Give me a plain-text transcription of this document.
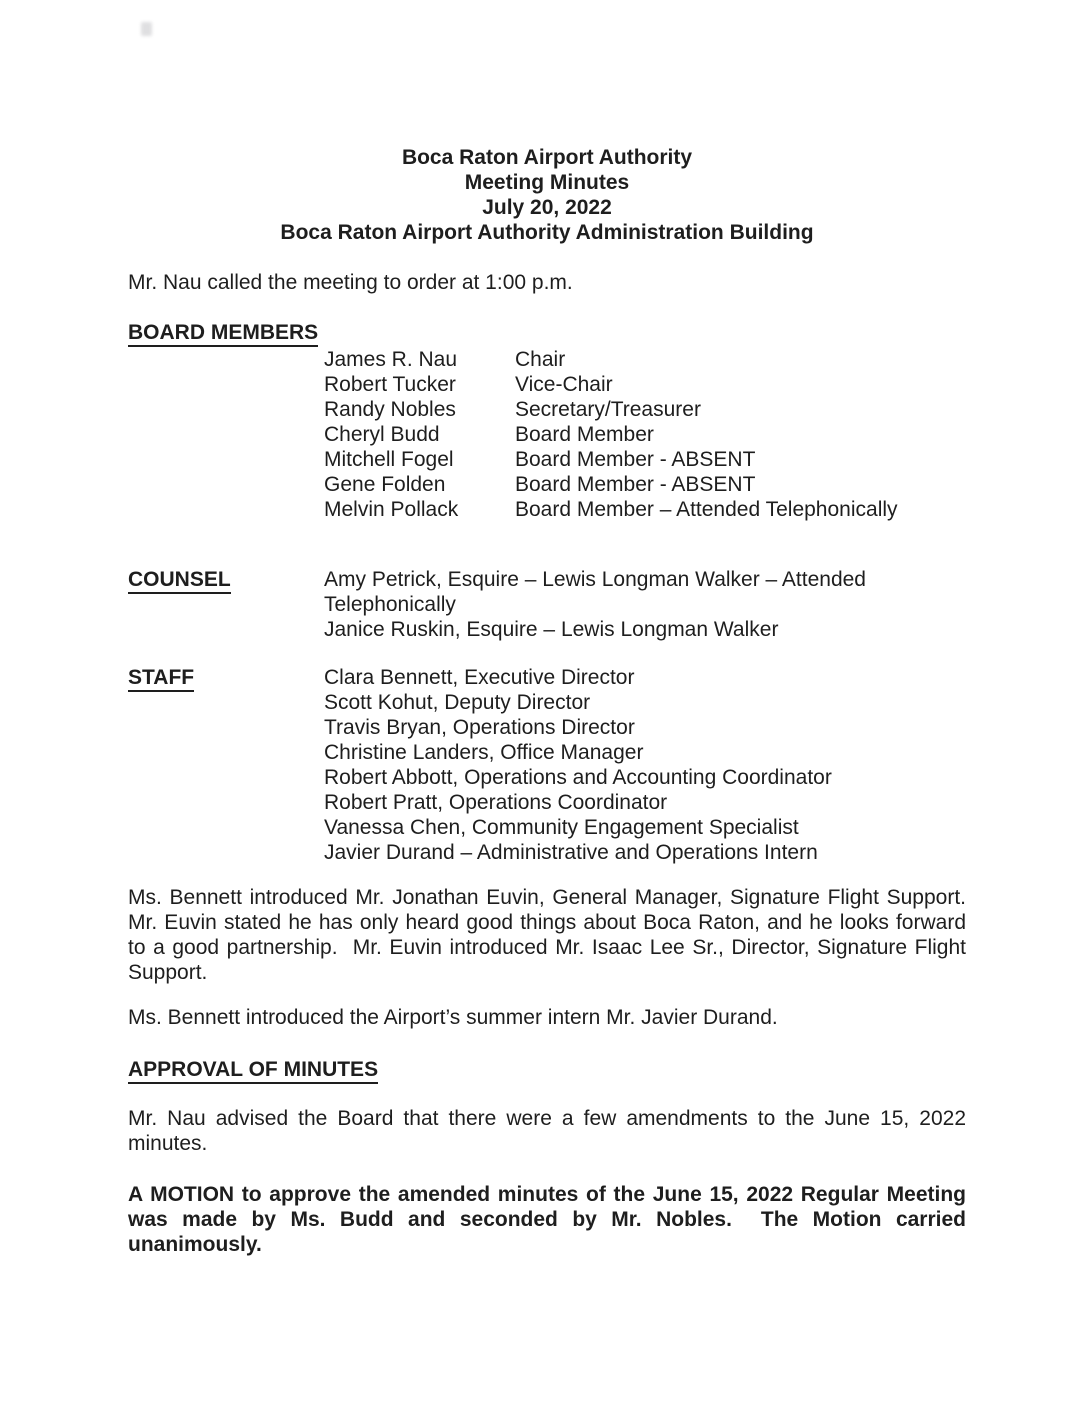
Boca Raton Airport Authority
Meeting Minutes
July 20, 2022
Boca Raton Airport Authority Administration Building
Mr. Nau called the meeting to order at 1:00 p.m.
BOARD MEMBERS
James R. Nau	Chair
Robert Tucker	Vice-Chair
Randy Nobles	Secretary/Treasurer
Cheryl Budd	Board Member
Mitchell Fogel	Board Member - ABSENT
Gene Folden	Board Member - ABSENT
Melvin Pollack	Board Member – Attended Telephonically
COUNSEL	Amy Petrick, Esquire – Lewis Longman Walker – Attended
Telephonically
Janice Ruskin, Esquire – Lewis Longman Walker
STAFF	Clara Bennett, Executive Director
Scott Kohut, Deputy Director
Travis Bryan, Operations Director
Christine Landers, Office Manager
Robert Abbott, Operations and Accounting Coordinator
Robert Pratt, Operations Coordinator
Vanessa Chen, Community Engagement Specialist
Javier Durand – Administrative and Operations Intern
Ms. Bennett introduced Mr. Jonathan Euvin, General Manager, Signature Flight Support. Mr. Euvin stated he has only heard good things about Boca Raton, and he looks forward to a good partnership.  Mr. Euvin introduced Mr. Isaac Lee Sr., Director, Signature Flight Support.
Ms. Bennett introduced the Airport’s summer intern Mr. Javier Durand.
APPROVAL OF MINUTES
Mr. Nau advised the Board that there were a few amendments to the June 15, 2022 minutes.
A MOTION to approve the amended minutes of the June 15, 2022 Regular Meeting was made by Ms. Budd and seconded by Mr. Nobles.  The Motion carried unanimously.
